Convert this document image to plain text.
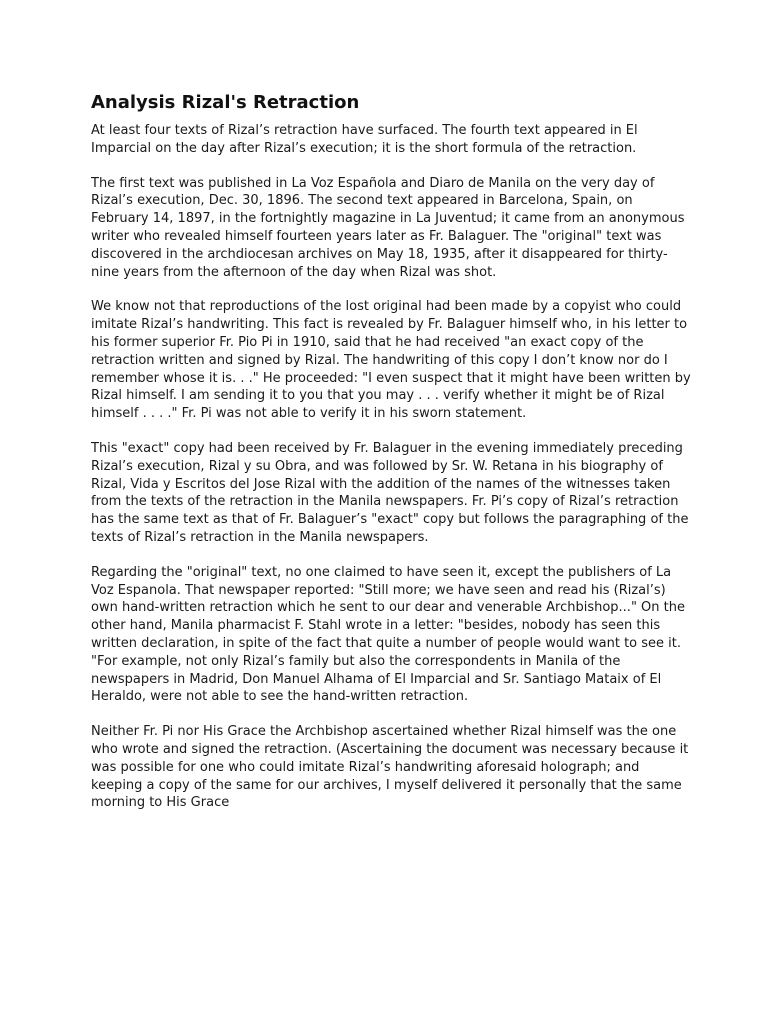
Analysis Rizal's Retraction

At least four texts of Rizal’s retraction have surfaced. The fourth text appeared in El Imparcial on the day after Rizal’s execution; it is the short formula of the retraction.

The first text was published in La Voz Española and Diaro de Manila on the very day of Rizal’s execution, Dec. 30, 1896. The second text appeared in Barcelona, Spain, on February 14, 1897, in the fortnightly magazine in La Juventud; it came from an anonymous writer who revealed himself fourteen years later as Fr. Balaguer. The "original" text was discovered in the archdiocesan archives on May 18, 1935, after it disappeared for thirty-nine years from the afternoon of the day when Rizal was shot.

We know not that reproductions of the lost original had been made by a copyist who could imitate Rizal’s handwriting. This fact is revealed by Fr. Balaguer himself who, in his letter to his former superior Fr. Pio Pi in 1910, said that he had received "an exact copy of the retraction written and signed by Rizal. The handwriting of this copy I don’t know nor do I remember whose it is. . ." He proceeded: "I even suspect that it might have been written by Rizal himself. I am sending it to you that you may . . . verify whether it might be of Rizal himself . . . ." Fr. Pi was not able to verify it in his sworn statement.

This "exact" copy had been received by Fr. Balaguer in the evening immediately preceding Rizal’s execution, Rizal y su Obra, and was followed by Sr. W. Retana in his biography of Rizal, Vida y Escritos del Jose Rizal with the addition of the names of the witnesses taken from the texts of the retraction in the Manila newspapers. Fr. Pi’s copy of Rizal’s retraction has the same text as that of Fr. Balaguer’s "exact" copy but follows the paragraphing of the texts of Rizal’s retraction in the Manila newspapers.

Regarding the "original" text, no one claimed to have seen it, except the publishers of La Voz Espanola. That newspaper reported: "Still more; we have seen and read his (Rizal’s) own hand-written retraction which he sent to our dear and venerable Archbishop..." On the other hand, Manila pharmacist F. Stahl wrote in a letter: "besides, nobody has seen this written declaration, in spite of the fact that quite a number of people would want to see it. "For example, not only Rizal’s family but also the correspondents in Manila of the newspapers in Madrid, Don Manuel Alhama of El Imparcial and Sr. Santiago Mataix of El Heraldo, were not able to see the hand-written retraction.

Neither Fr. Pi nor His Grace the Archbishop ascertained whether Rizal himself was the one who wrote and signed the retraction. (Ascertaining the document was necessary because it was possible for one who could imitate Rizal’s handwriting aforesaid holograph; and keeping a copy of the same for our archives, I myself delivered it personally that the same morning to His Grace
